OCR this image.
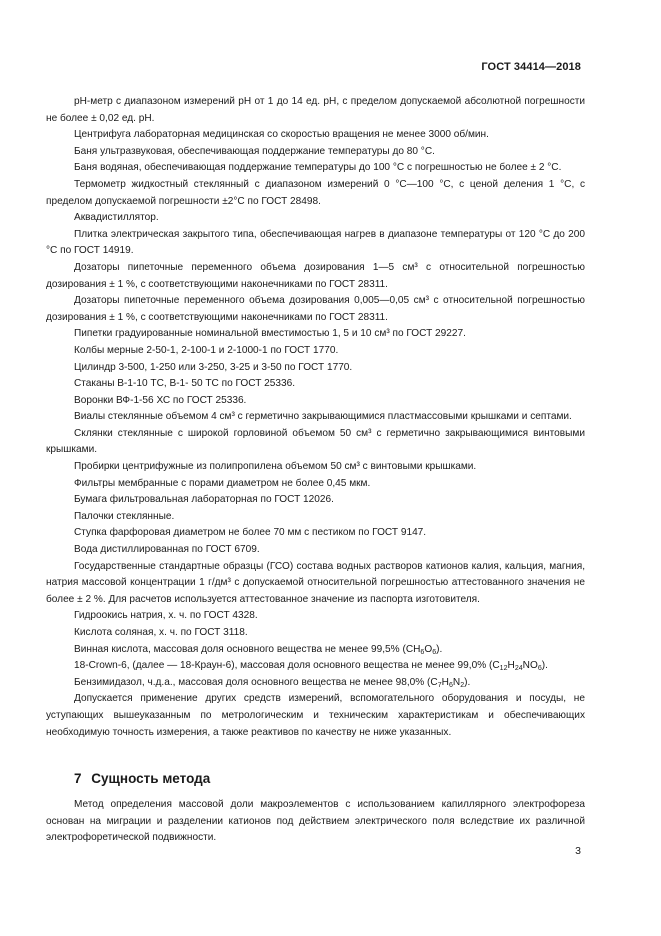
ГОСТ 34414—2018

pH-метр с диапазоном измерений pH от 1 до 14 ед. pH, с пределом допускаемой абсолютной погрешности не более ± 0,02 ед. pH.

Центрифуга лабораторная медицинская со скоростью вращения не менее 3000 об/мин.

Баня ультразвуковая, обеспечивающая поддержание температуры до 80 °С.

Баня водяная, обеспечивающая поддержание температуры до 100 °С с погрешностью не более ± 2 °С.

Термометр жидкостный стеклянный с диапазоном измерений 0 °С—100 °С, с ценой деления 1 °С, с пределом допускаемой погрешности ±2°С по ГОСТ 28498.

Аквадистиллятор.

Плитка электрическая закрытого типа, обеспечивающая нагрев в диапазоне температуры от 120 °С до 200 °С по ГОСТ 14919.

Дозаторы пипеточные переменного объема дозирования 1—5 см³ с относительной погрешностью дозирования ± 1 %, с соответствующими наконечниками по ГОСТ 28311.

Дозаторы пипеточные переменного объема дозирования 0,005—0,05 см³ с относительной погрешностью дозирования ± 1 %, с соответствующими наконечниками по ГОСТ 28311.

Пипетки градуированные номинальной вместимостью 1, 5 и 10 см³ по ГОСТ 29227.

Колбы мерные 2-50-1, 2-100-1 и 2-1000-1 по ГОСТ 1770.

Цилиндр 3-500, 1-250 или 3-250, 3-25 и 3-50 по ГОСТ 1770.

Стаканы В-1-10 ТС, В-1- 50 ТС по ГОСТ 25336.

Воронки ВФ-1-56 ХС по ГОСТ 25336.

Виалы стеклянные объемом 4 см³ с герметично закрывающимися пластмассовыми крышками и септами.

Склянки стеклянные с широкой горловиной объемом 50 см³ с герметично закрывающимися винтовыми крышками.

Пробирки центрифужные из полипропилена объемом 50 см³ с винтовыми крышками.

Фильтры мембранные с порами диаметром не более 0,45 мкм.

Бумага фильтровальная лабораторная по ГОСТ 12026.

Палочки стеклянные.

Ступка фарфоровая диаметром не более 70 мм с пестиком по ГОСТ 9147.

Вода дистиллированная по ГОСТ 6709.

Государственные стандартные образцы (ГСО) состава водных растворов катионов калия, кальция, магния, натрия массовой концентрации 1 г/дм³ с допускаемой относительной погрешностью аттестованного значения не более ± 2 %. Для расчетов используется аттестованное значение из паспорта изготовителя.

Гидроокись натрия, х. ч. по ГОСТ 4328.

Кислота соляная, х. ч. по ГОСТ 3118.

Винная кислота, массовая доля основного вещества не менее 99,5% $(CH_6O_6)$.

18-Crown-6, (далее — 18-Краун-6), массовая доля основного вещества не менее 99,0% $(C_{12}H_{24}NO_6)$.

Бензимидазол, ч.д.а., массовая доля основного вещества не менее 98,0% $(C_7H_6N_2)$.

Допускается применение других средств измерений, вспомогательного оборудования и посуды, не уступающих вышеуказанным по метрологическим и техническим характеристикам и обеспечивающих необходимую точность измерения, а также реактивов по качеству не ниже указанных.

7 Сущность метода

Метод определения массовой доли макроэлементов с использованием капиллярного электрофореза основан на миграции и разделении катионов под действием электрического поля вследствие их различной электрофоретической подвижности.

3
